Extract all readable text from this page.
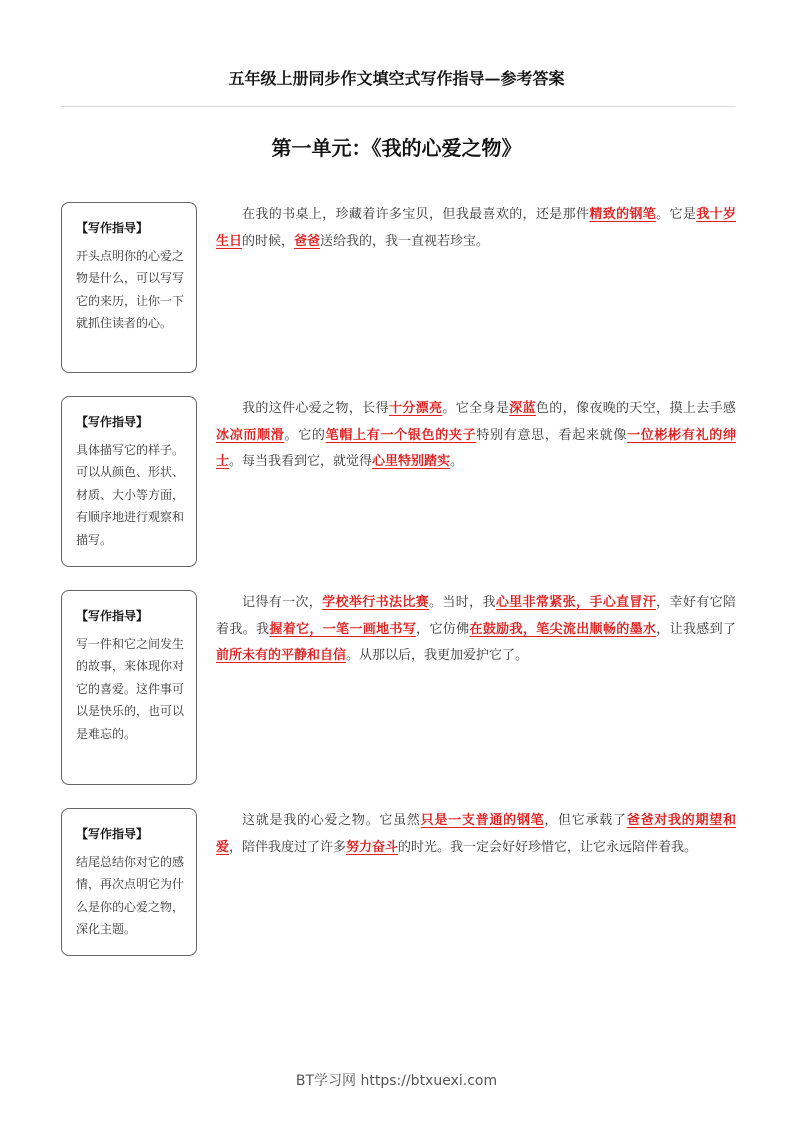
五年级上册同步作文填空式写作指导—参考答案
第一单元：《我的心爱之物》
【写作指导】
开头点明你的心爱之物是什么，可以写写它的来历，让你一下就抓住读者的心。

在我的书桌上，珍藏着许多宝贝，但我最喜欢的，还是那件精致的钢笔。它是我十岁生日的时候，爸爸送给我的，我一直视若珍宝。

【写作指导】
具体描写它的样子。可以从颜色、形状、材质、大小等方面，有顺序地进行观察和描写。

我的这件心爱之物，长得十分漂亮。它全身是深蓝色的，像夜晚的天空，摸上去手感冰凉而顺滑。它的笔帽上有一个银色的夹子特别有意思，看起来就像一位彬彬有礼的绅士。每当我看到它，就觉得心里特别踏实。

【写作指导】
写一件和它之间发生的故事，来体现你对它的喜爱。这件事可以是快乐的，也可以是难忘的。

记得有一次，学校举行书法比赛。当时，我心里非常紧张，手心直冒汗，幸好有它陪着我。我握着它，一笔一画地书写，它仿佛在鼓励我，笔尖流出顺畅的墨水，让我感到了前所未有的平静和自信。从那以后，我更加爱护它了。

【写作指导】
结尾总结你对它的感情，再次点明它为什么是你的心爱之物，深化主题。

这就是我的心爱之物。它虽然只是一支普通的钢笔，但它承载了爸爸对我的期望和爱，陪伴我度过了许多努力奋斗的时光。我一定会好好珍惜它，让它永远陪伴着我。

BT学习网 https://btxuexi.com
